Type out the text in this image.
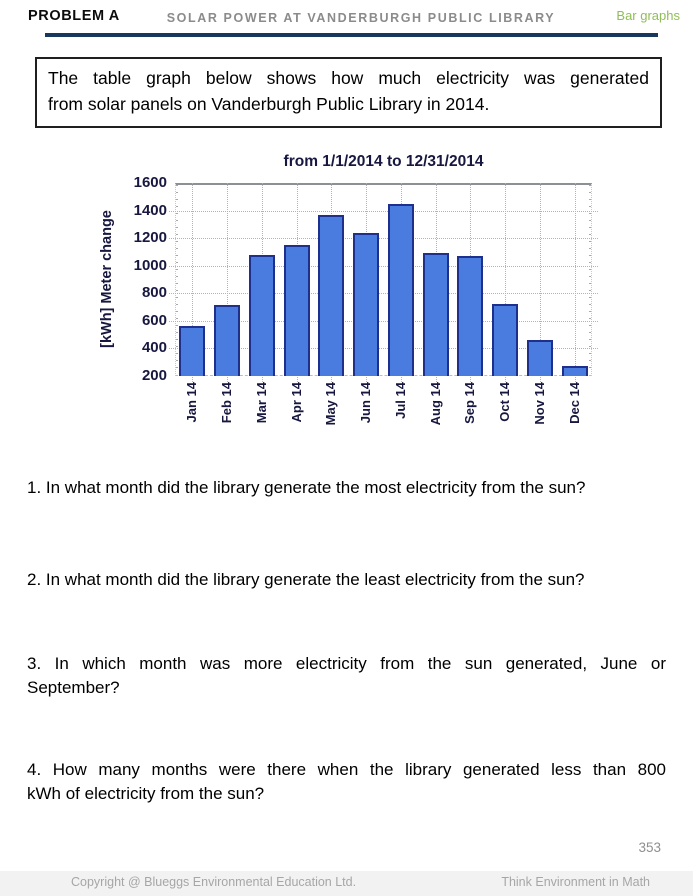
PROBLEM A	SOLAR POWER AT VANDERBURGH PUBLIC LIBRARY	Bar graphs
The table graph below shows how much electricity was generated
from solar panels on Vanderburgh Public Library in 2014.
from 1/1/2014 to 12/31/2014
[kWh] Meter change
200
400
600
800
1000
1200
1400
1600
Jan 14 Feb 14 Mar 14 Apr 14 May 14 Jun 14 Jul 14 Aug 14 Sep 14 Oct 14 Nov 14 Dec 14
1. In what month did the library generate the most electricity from the sun?
2. In what month did the library generate the least electricity from the sun?
3. In which month was more electricity from the sun generated, June or
September?
4. How many months were there when the library generated less than 800
kWh of electricity from the sun?
353
Copyright @ Blueggs Environmental Education Ltd.	Think Environment in Math
